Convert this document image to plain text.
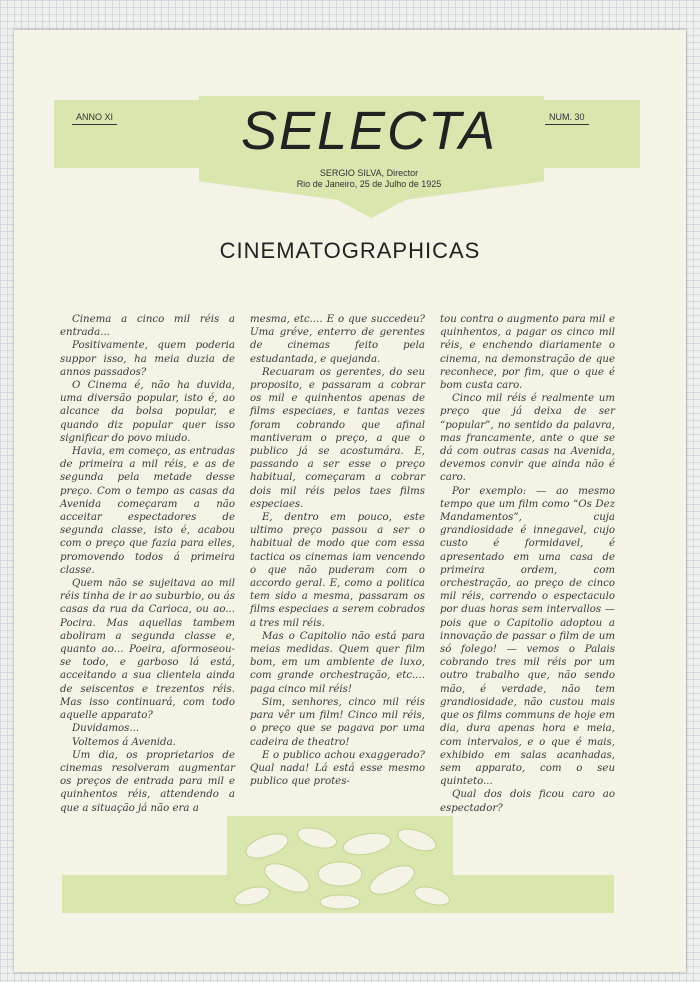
ANNO XI	NUM. 30
SELECTA
SERGIO SILVA, Director
Rio de Janeiro, 25 de Julho de 1925
CINEMATOGRAPHICAS

Cinema a cinco mil réis a entrada...

Positivamente, quem poderia suppor isso, ha meia duzia de annos passados?

O Cinema é, não ha duvida, uma diversão popular, isto é, ao alcance da bolsa popular, e quando diz popular quer isso significar do povo miudo.

Havia, em começo, as entradas de primeira a mil réis, e as de segunda pela metade desse preço. Com o tempo as casas da Avenida começaram a não acceitar espectadores de segunda classe, isto é, acabou com o preço que fazia para elles, promovendo todos á primeira classe.

Quem não se sujeitava ao mil réis tinha de ir ao suburbio, ou ás casas da rua da Carioca, ou ao... Pocira. Mas aquellas tambem aboliram a segunda classe e, quanto ao... Poeira, aformoseou-se todo, e garboso lá está, acceitando a sua clientela ainda de seiscentos e trezentos réis. Mas isso continuará, com todo aquelle apparato?

Duvidamos...

Voltemos á Avenida.

Um dia, os proprietarios de cinemas resolveram augmentar os preços de entrada para mil e quinhentos réis, attendendo a que a situação já não era a

mesma, etc.... E o que succedeu? Uma gréve, enterro de gerentes de cinemas feito pela estudantada, e quejanda.

Recuaram os gerentes, do seu proposito, e passaram a cobrar os mil e quinhentos apenas de films especiaes, e tantas vezes foram cobrando que afinal mantiveram o preço, a que o publico já se acostumára. E, passando a ser esse o preço habitual, começaram a cobrar dois mil réis pelos taes films especiaes.

E, dentro em pouco, este ultimo preço passou a ser o habitual de modo que com essa tactica os cinemas iam vencendo o que não puderam com o accordo geral. E, como a politica tem sido a mesma, passaram os films especiaes a serem cobrados a tres mil réis.

Mas o Capitolio não está para meias medidas. Quem quer film bom, em um ambiente de luxo, com grande orchestração, etc.... paga cinco mil réis!

Sim, senhores, cinco mil réis para vêr um film! Cinco mil réis, o preço que se pagava por uma cadeira de theatro!

E o publico achou exaggerado? Qual nada! Lá está esse mesmo publico que protes-

tou contra o augmento para mil e quinhentos, a pagar os cinco mil réis, e enchendo diariamente o cinema, na demonstração de que reconhece, por fim, que o que é bom custa caro.

Cinco mil réis é realmente um preço que já deixa de ser “popular”, no sentido da palavra, mas francamente, ante o que se dá com outras casas na Avenida, devemos convir que ainda não é caro.

Por exemplo: — ao mesmo tempo que um film como “Os Dez Mandamentos”, cuja grandiosidade é innegavel, cujo custo é formidavel, é apresentado em uma casa de primeira ordem, com orchestração, ao preço de cinco mil réis, correndo o espectaculo por duas horas sem intervallos — pois que o Capitolio adoptou a innovação de passar o film de um só folego! — vemos o Palais cobrando tres mil réis por um outro trabalho que, não sendo mão, é verdade, não tem grandiosidade, não custou mais que os films communs de hoje em dia, dura apenas hora e meia, com intervalos, e o que é mais, exhibido em salas acanhadas, sem apparato, com o seu quinteto...

Qual dos dois ficou caro ao espectador?
